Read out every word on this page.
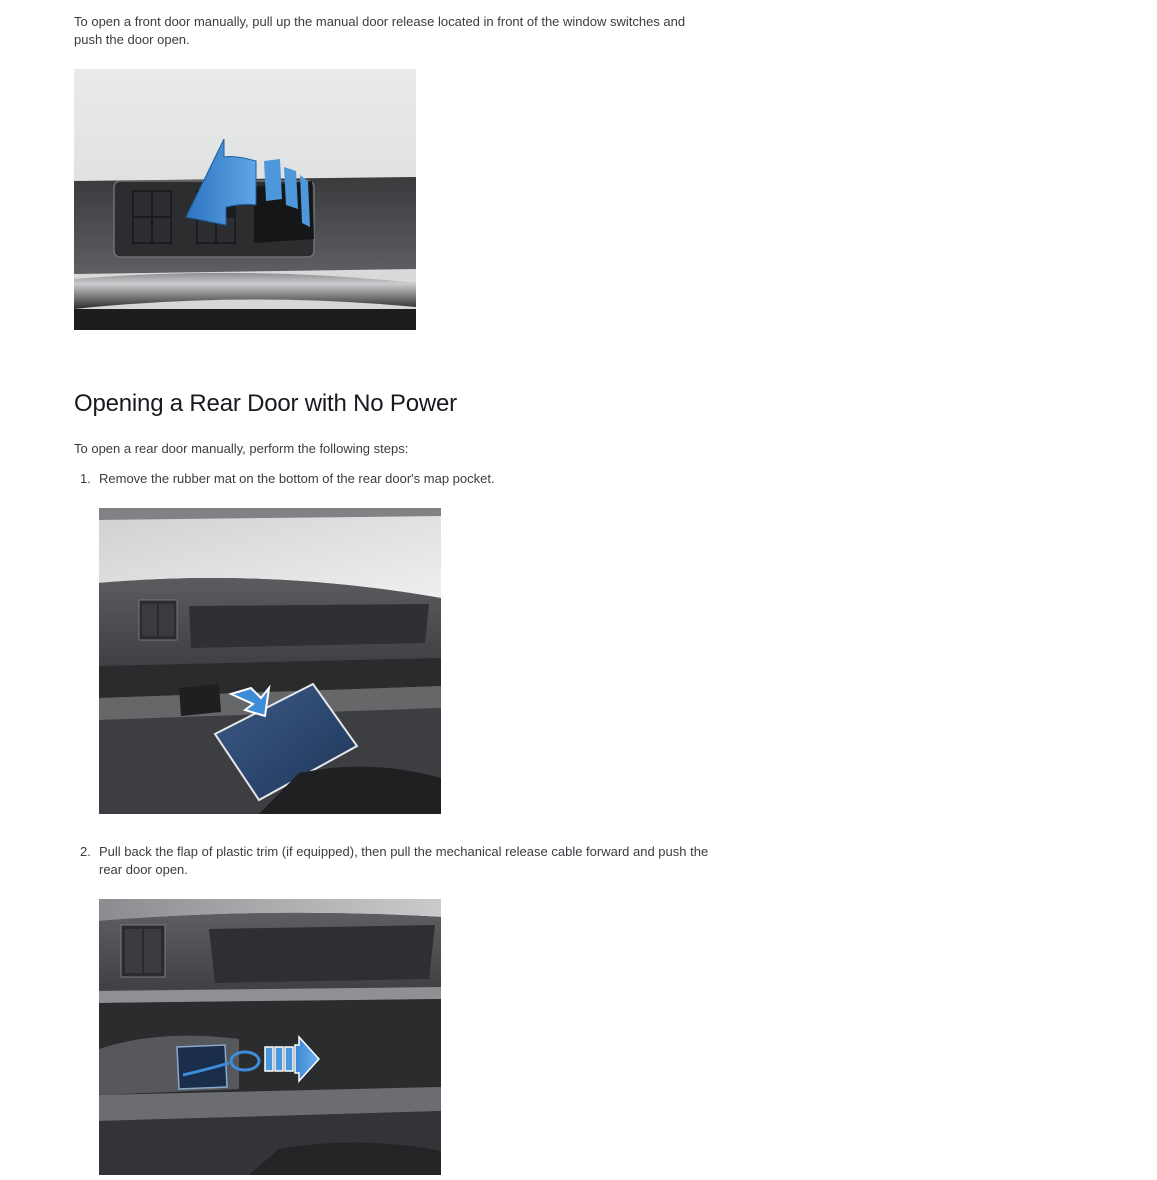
To open a front door manually, pull up the manual door release located in front of the window switches and push the door open.

Opening a Rear Door with No Power

To open a rear door manually, perform the following steps:

1. Remove the rubber mat on the bottom of the rear door's map pocket.
2. Pull back the flap of plastic trim (if equipped), then pull the mechanical release cable forward and push the rear door open.
